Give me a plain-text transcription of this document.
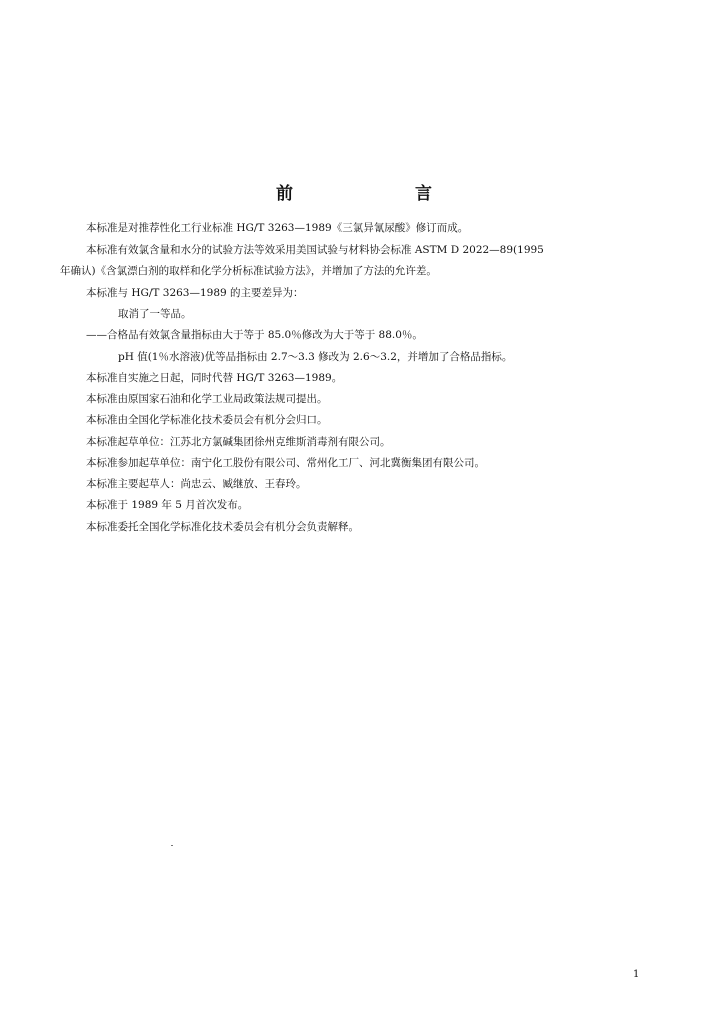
前 言
本标准是对推荐性化工行业标准 HG/T 3263—1989《三氯异氰尿酸》修订而成。
本标准有效氯含量和水分的试验方法等效采用美国试验与材料协会标准 ASTM D 2022—89(1995
年确认)《含氯漂白剂的取样和化学分析标准试验方法》，并增加了方法的允许差。
本标准与 HG/T 3263—1989 的主要差异为：
取消了一等品。
——合格品有效氯含量指标由大于等于 85.0％修改为大于等于 88.0％。
pH 值(1％水溶液)优等品指标由 2.7～3.3 修改为 2.6～3.2，并增加了合格品指标。
本标准自实施之日起，同时代替 HG/T 3263—1989。
本标准由原国家石油和化学工业局政策法规司提出。
本标准由全国化学标准化技术委员会有机分会归口。
本标准起草单位：江苏北方氯碱集团徐州克维斯消毒剂有限公司。
本标准参加起草单位：南宁化工股份有限公司、常州化工厂、河北冀衡集团有限公司。
本标准主要起草人：尚忠云、臧继放、王春玲。
本标准于 1989 年 5 月首次发布。
本标准委托全国化学标准化技术委员会有机分会负责解释。
1
